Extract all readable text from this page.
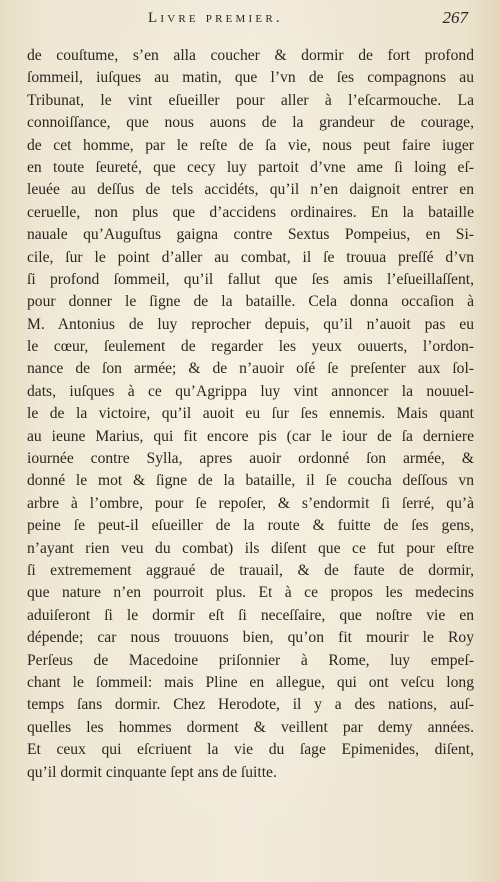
Livre premier.	267
de couſtume, s’en alla coucher & dormir de fort profond
ſommeil, iuſques au matin, que l’vn de ſes compagnons au
Tribunat, le vint eſueiller pour aller à l’eſcarmouche. La
connoiſſance, que nous auons de la grandeur de courage,
de cet homme, par le reſte de ſa vie, nous peut faire iuger
en toute ſeureté, que cecy luy partoit d’vne ame ſi loing eſ-
leuée au deſſus de tels accidéts, qu’il n’en daignoit entrer en
ceruelle, non plus que d’accidens ordinaires. En la bataille
nauale qu’Auguſtus gaigna contre Sextus Pompeius, en Si-
cile, ſur le point d’aller au combat, il ſe trouua preſſé d’vn
ſi profond ſommeil, qu’il fallut que ſes amis l’eſueillaſſent,
pour donner le ſigne de la bataille. Cela donna occaſion à
M. Antonius de luy reprocher depuis, qu’il n’auoit pas eu
le cœur, ſeulement de regarder les yeux ouuerts, l’ordon-
nance de ſon armée; & de n’auoir oſé ſe preſenter aux ſol-
dats, iuſques à ce qu’Agrippa luy vint annoncer la nouuel-
le de la victoire, qu’il auoit eu ſur ſes ennemis. Mais quant
au ieune Marius, qui fit encore pis (car le iour de ſa derniere
iournée contre Sylla, apres auoir ordonné ſon armée, &
donné le mot & ſigne de la bataille, il ſe coucha deſſous vn
arbre à l’ombre, pour ſe repoſer, & s’endormit ſi ſerré, qu’à
peine ſe peut-il eſueiller de la route & fuitte de ſes gens,
n’ayant rien veu du combat) ils diſent que ce fut pour eſtre
ſi extremement aggraué de trauail, & de faute de dormir,
que nature n’en pourroit plus. Et à ce propos les medecins
aduiſeront ſi le dormir eſt ſi neceſſaire, que noſtre vie en
dépende; car nous trouuons bien, qu’on fit mourir le Roy
Perſeus de Macedoine priſonnier à Rome, luy empeſ-
chant le ſommeil: mais Pline en allegue, qui ont veſcu long
temps ſans dormir. Chez Herodote, il y a des nations, auſ-
quelles les hommes dorment & veillent par demy années.
Et ceux qui eſcriuent la vie du ſage Epimenides, diſent,
qu’il dormit cinquante ſept ans de ſuitte.
